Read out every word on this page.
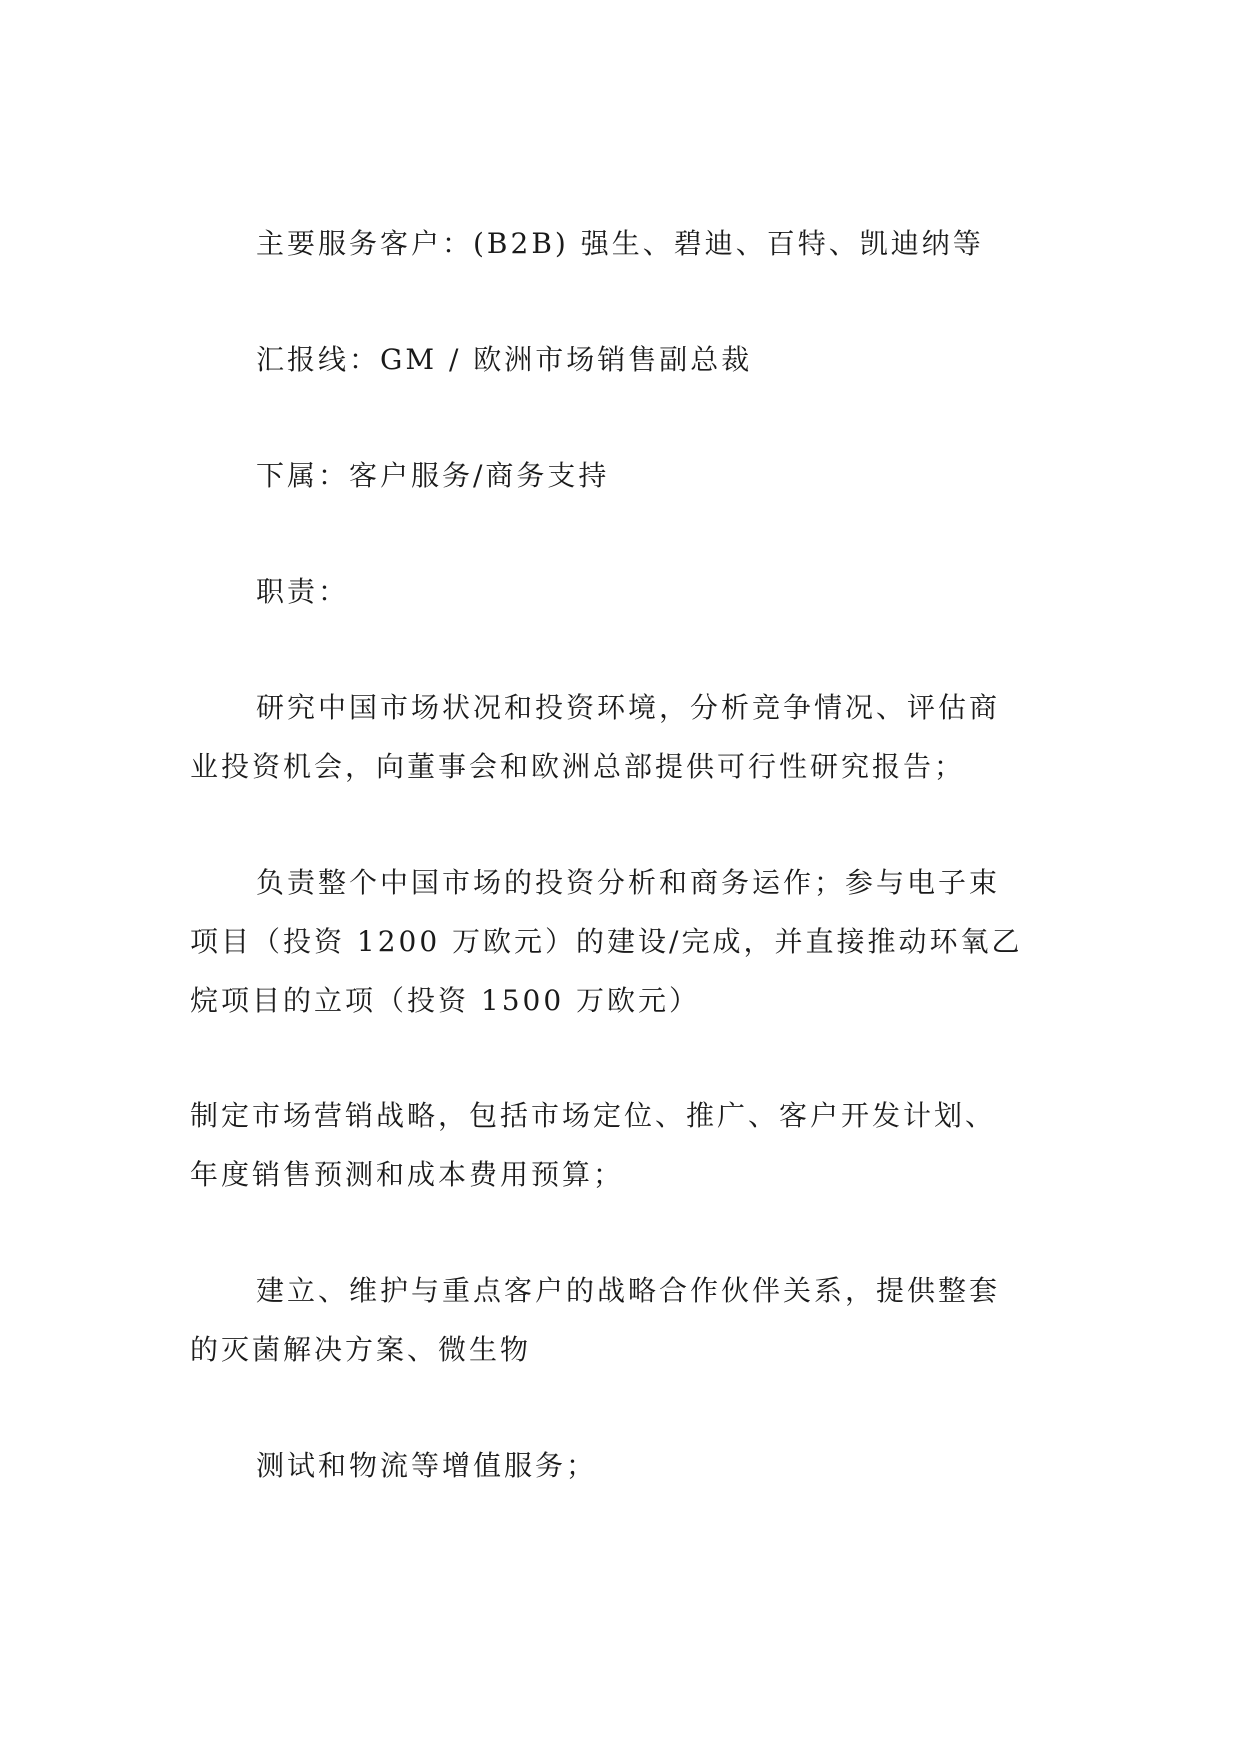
主要服务客户：(B2B) 强生、碧迪、百特、凯迪纳等
汇报线：GM / 欧洲市场销售副总裁
下属：客户服务/商务支持
职责：
研究中国市场状况和投资环境，分析竞争情况、评估商
业投资机会，向董事会和欧洲总部提供可行性研究报告；
负责整个中国市场的投资分析和商务运作；参与电子束
项目（投资 1200 万欧元）的建设/完成，并直接推动环氧乙
烷项目的立项（投资 1500 万欧元）
制定市场营销战略，包括市场定位、推广、客户开发计划、
年度销售预测和成本费用预算；
建立、维护与重点客户的战略合作伙伴关系，提供整套
的灭菌解决方案、微生物
测试和物流等增值服务；
